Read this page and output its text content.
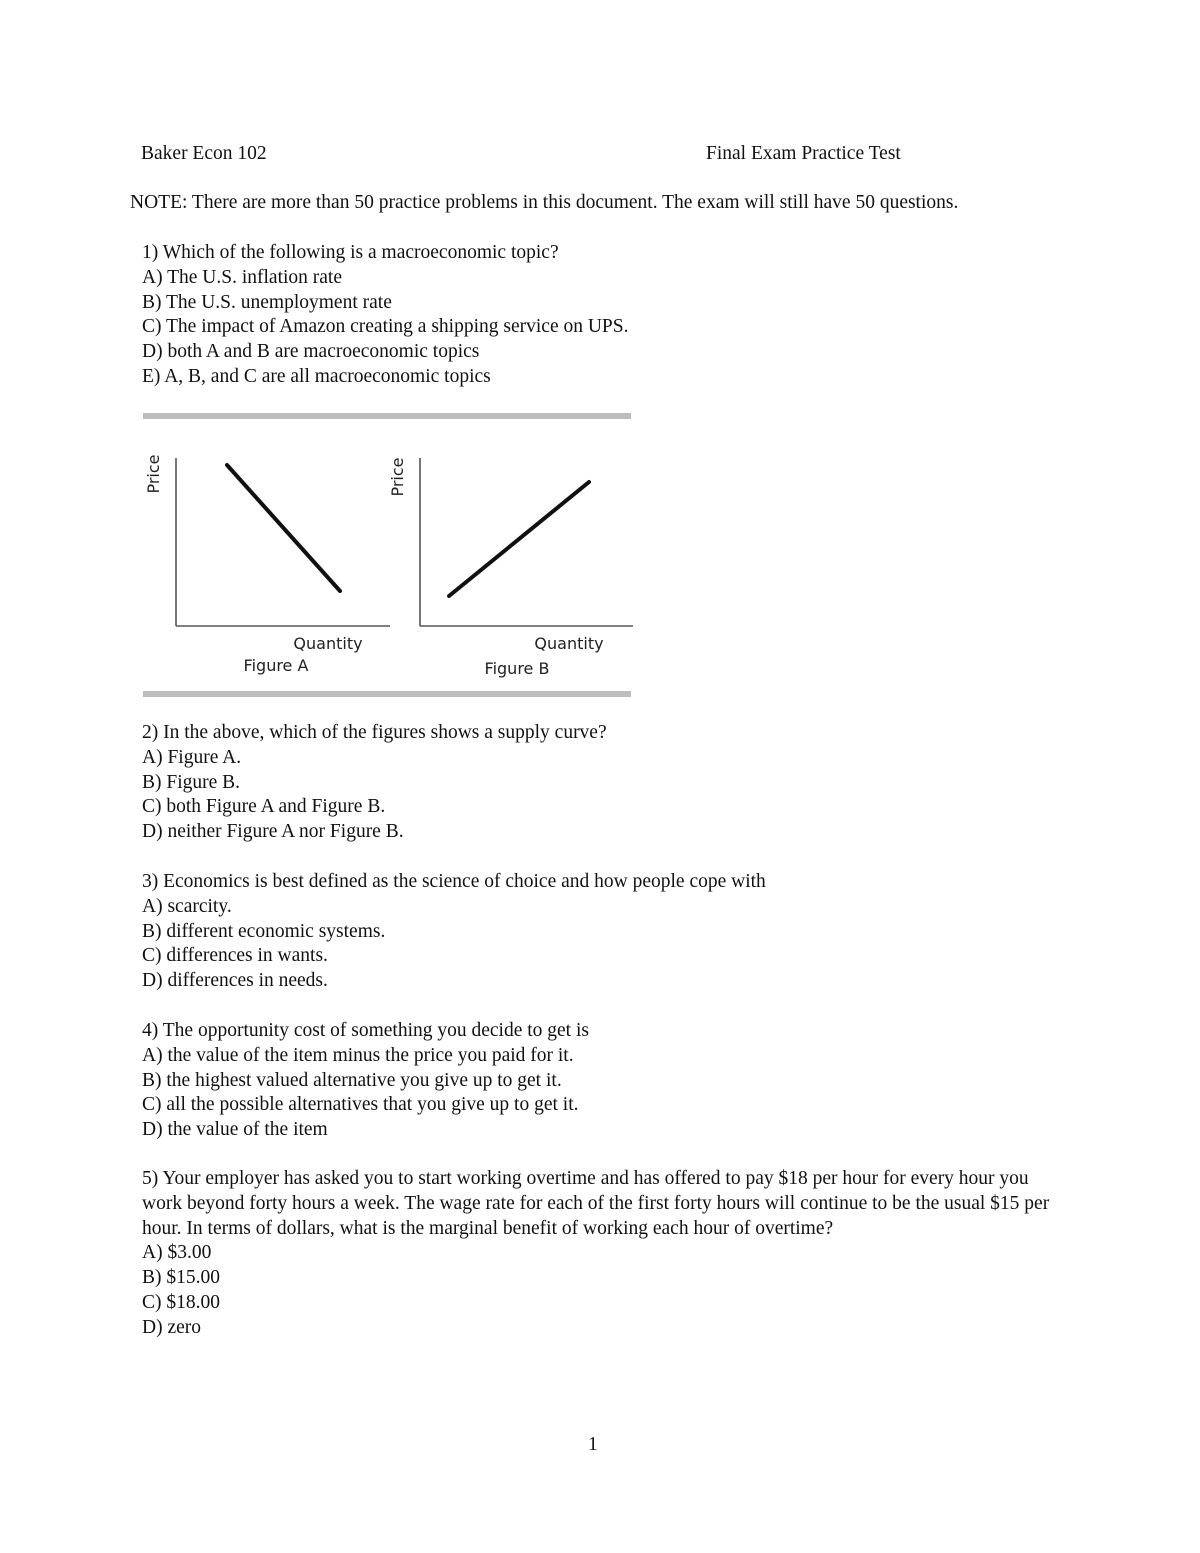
Baker Econ 102	Final Exam Practice Test
NOTE: There are more than 50 practice problems in this document. The exam will still have 50 questions.
1) Which of the following is a macroeconomic topic?
A) The U.S. inflation rate
B) The U.S. unemployment rate
C) The impact of Amazon creating a shipping service on UPS.
D) both A and B are macroeconomic topics
E) A, B, and C are all macroeconomic topics
Price
Quantity
Figure A
Price
Quantity
Figure B
2) In the above, which of the figures shows a supply curve?
A) Figure A.
B) Figure B.
C) both Figure A and Figure B.
D) neither Figure A nor Figure B.
3) Economics is best defined as the science of choice and how people cope with
A) scarcity.
B) different economic systems.
C) differences in wants.
D) differences in needs.
4) The opportunity cost of something you decide to get is
A) the value of the item minus the price you paid for it.
B) the highest valued alternative you give up to get it.
C) all the possible alternatives that you give up to get it.
D) the value of the item
5) Your employer has asked you to start working overtime and has offered to pay $18 per hour for every hour you work beyond forty hours a week. The wage rate for each of the first forty hours will continue to be the usual $15 per hour. In terms of dollars, what is the marginal benefit of working each hour of overtime?
A) $3.00
B) $15.00
C) $18.00
D) zero
1
